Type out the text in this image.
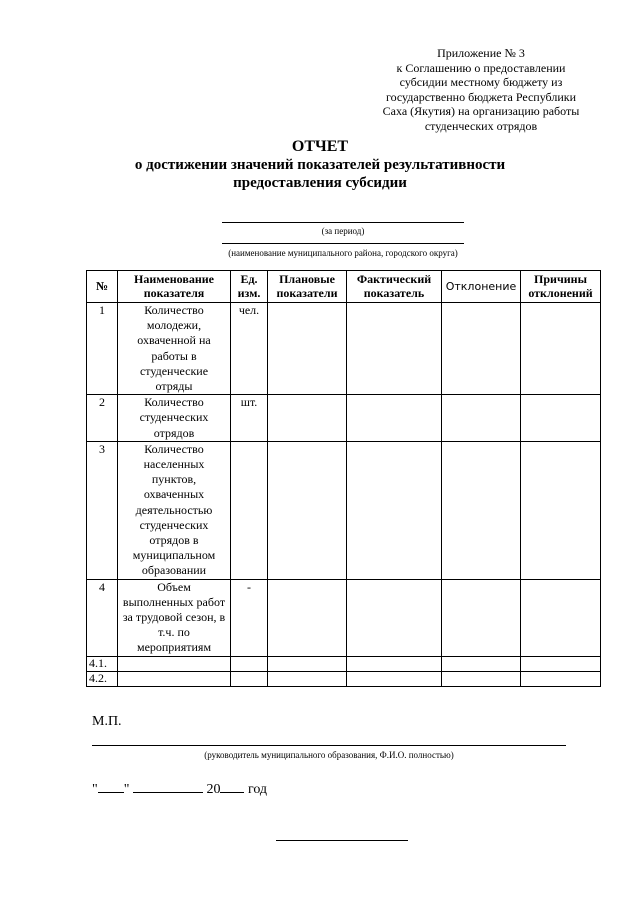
Приложение № 3
к Соглашению о предоставлении
субсидии местному бюджету из
государственно бюджета Республики
Саха (Якутия) на организацию работы
студенческих отрядов
ОТЧЕТ
о достижении значений показателей результативности
предоставления субсидии
(за период)
(наименование муниципального района, городского округа)
№	Наименование показателя	Ед. изм.	Плановые показатели	Фактический показатель	Отклонение	Причины отклонений
1	Количество молодежи, охваченной на работы в студенческие отряды	чел.				
2	Количество студенческих отрядов	шт.				
3	Количество населенных пунктов, охваченных деятельностью студенческих отрядов в муниципальном образовании					
4	Объем выполненных работ за трудовой сезон, в т.ч. по мероприятиям	-				
4.1.						
4.2.						
М.П.
(руководитель муниципального образования, Ф.И.О. полностью)
" "	20 год
